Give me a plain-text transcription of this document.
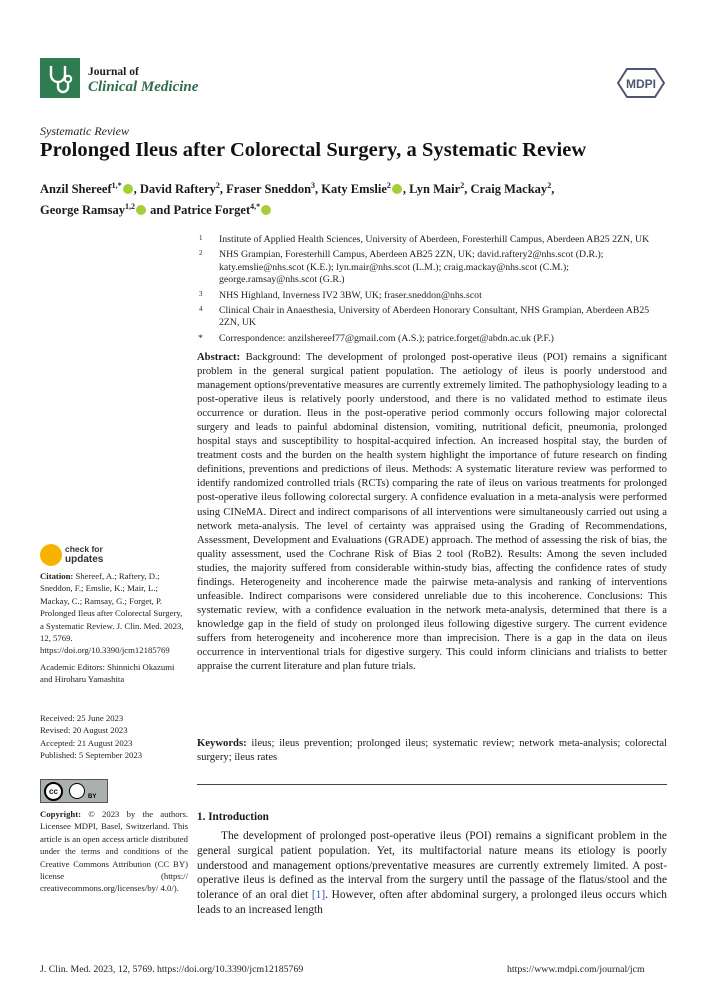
Journal of
Clinical Medicine	MDPI
Systematic Review
Prolonged Ileus after Colorectal Surgery, a Systematic Review
Anzil Shereef$^{1,*}$ , David Raftery$^2$, Fraser Sneddon$^3$, Katy Emslie$^2$ , Lyn Mair$^2$, Craig Mackay$^2$,
George Ramsay$^{1,2}$ and Patrice Forget$^{4,*}$
1 Institute of Applied Health Sciences, University of Aberdeen, Foresterhill Campus, Aberdeen AB25 2ZN, UK
2 NHS Grampian, Foresterhill Campus, Aberdeen AB25 2ZN, UK; david.raftery2@nhs.scot (D.R.); katy.emslie@nhs.scot (K.E.); lyn.mair@nhs.scot (L.M.); craig.mackay@nhs.scot (C.M.); george.ramsay@nhs.scot (G.R.)
3 NHS Highland, Inverness IV2 3BW, UK; fraser.sneddon@nhs.scot
4 Clinical Chair in Anaesthesia, University of Aberdeen Honorary Consultant, NHS Grampian, Aberdeen AB25 2ZN, UK
* Correspondence: anzilshereef77@gmail.com (A.S.); patrice.forget@abdn.ac.uk (P.F.)
Abstract: Background: The development of prolonged post-operative ileus (POI) remains a significant problem in the general surgical patient population. The aetiology of ileus is poorly understood and management options/preventative measures are currently extremely limited. The pathophysiology leading to a post-operative ileus is relatively poorly understood, and there is no validated method to estimate ileus occurrence or duration. Ileus in the post-operative period commonly occurs following major colorectal surgery and leads to painful abdominal distension, vomiting, nutritional deficit, pneumonia, prolonged hospital stays and susceptibility to hospital-acquired infection. An increased hospital stay, the burden of treatment costs and the burden on the health system highlight the importance of future research on finding definitions, preventions and predictions of ileus. Methods: A systematic literature review was performed to identify randomized controlled trials (RCTs) comparing the rate of ileus on various treatments for prolonged post-operative ileus following colorectal surgery. A confidence evaluation in a meta-analysis were performed using CINeMA. Direct and indirect comparisons of all interventions were simultaneously carried out using a network meta-analysis. The level of certainty was appraised using the Grading of Recommendations, Assessment, Development and Evaluations (GRADE) approach. The method of assessing the risk of bias, the quality assessment, used the Cochrane Risk of Bias 2 tool (RoB2). Results: Among the seven included studies, the majority suffered from considerable within-study bias, affecting the confidence rates of study findings. Heterogeneity and incoherence made the pairwise meta-analysis and ranking of interventions unfeasible. Indirect comparisons were considered unreliable due to this incoherence. Conclusions: This systematic review, with a confidence evaluation in the network meta-analysis, determined that there is a knowledge gap in the field of study on prolonged ileus following digestive surgery. The current evidence suffers from heterogeneity and incoherence more than imprecision. There is a gap in the data on ileus occurrence in interventional trials for digestive surgery. This could inform clinicians and trialists to better appraise the current literature and plan future trials.
Keywords: ileus; ileus prevention; prolonged ileus; systematic review; network meta-analysis; colorectal surgery; ileus rates
1. Introduction
The development of prolonged post-operative ileus (POI) remains a significant problem in the general surgical patient population. Yet, its multifactorial nature means its etiology is poorly understood and management options/preventative measures are currently extremely limited. A post-operative ileus is defined as the interval from the surgery until the passage of the flatus/stool and the tolerance of an oral diet [1]. However, often after abdominal surgery, a prolonged ileus occurs which leads to an increased length
check for
updates
Citation: Shereef, A.; Raftery, D.; Sneddon, F.; Emslie, K.; Mair, L.; Mackay, C.; Ramsay, G.; Forget, P. Prolonged Ileus after Colorectal Surgery, a Systematic Review. J. Clin. Med. 2023, 12, 5769. https://doi.org/10.3390/jcm12185769
Academic Editors: Shinnichi Okazumi and Hiroharu Yamashita
Received: 25 June 2023
Revised: 20 August 2023
Accepted: 21 August 2023
Published: 5 September 2023
cc
BY
Copyright: © 2023 by the authors. Licensee MDPI, Basel, Switzerland. This article is an open access article distributed under the terms and conditions of the Creative Commons Attribution (CC BY) license (https:// creativecommons.org/licenses/by/ 4.0/).
J. Clin. Med. 2023, 12, 5769. https://doi.org/10.3390/jcm12185769	https://www.mdpi.com/journal/jcm
